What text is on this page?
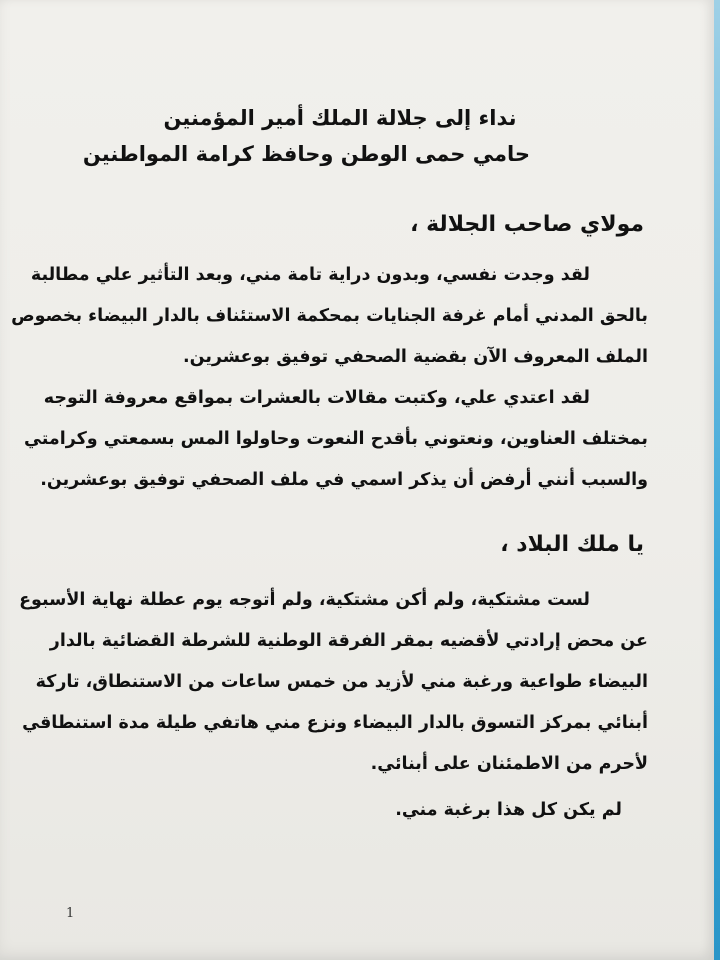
نداء إلى جلالة الملك أمير المؤمنين
حامي حمى الوطن وحافظ كرامة المواطنين
مولاي صاحب الجلالة ،
لقد وجدت نفسي، وبدون دراية تامة مني، وبعد التأثير علي مطالبة
بالحق المدني أمام غرفة الجنايات بمحكمة الاستئناف بالدار البيضاء بخصوص
الملف المعروف الآن بقضية الصحفي توفيق بوعشرين.
لقد اعتدي علي، وكتبت مقالات بالعشرات بمواقع معروفة التوجه
بمختلف العناوين، ونعتوني بأقدح النعوت وحاولوا المس بسمعتي وكرامتي
والسبب أنني أرفض أن يذكر اسمي في ملف الصحفي توفيق بوعشرين.
يا ملك البلاد ،
لست مشتكية، ولم أكن مشتكية، ولم أتوجه يوم عطلة نهاية الأسبوع
عن محض إرادتي لأقضيه بمقر الفرقة الوطنية للشرطة القضائية بالدار
البيضاء طواعية ورغبة مني لأزيد من خمس ساعات من الاستنطاق، تاركة
أبنائي بمركز التسوق بالدار البيضاء ونزع مني هاتفي طيلة مدة استنطاقي
لأحرم من الاطمئنان على أبنائي.
لم يكن كل هذا برغبة مني.
1
